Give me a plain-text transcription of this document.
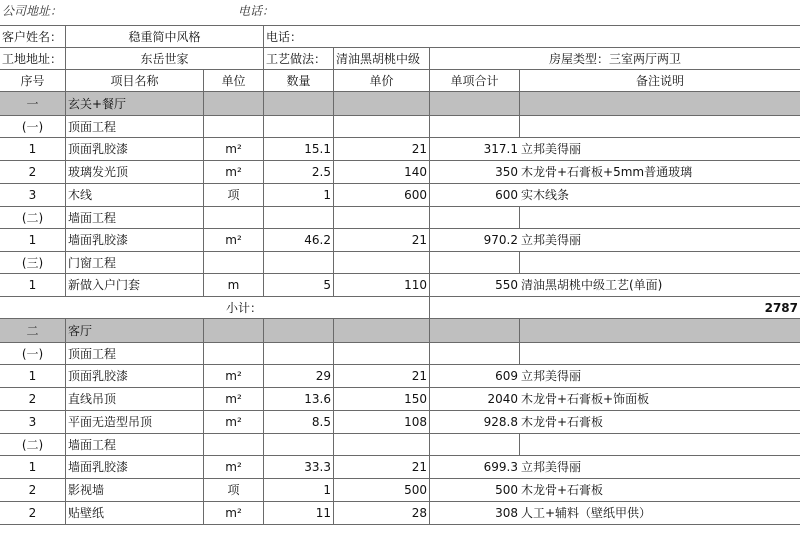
公司地址：	电话：
客户姓名：	稳重简中风格	电话：
工地地址：	东岳世家	工艺做法： 清油黑胡桃中级	房屋类型：三室两厅两卫
序号	项目名称	单位	数量	单价	单项合计	备注说明
一	玄关+餐厅
(一)	顶面工程
1	顶面乳胶漆	m²	15.1	21	317.1 立邦美得丽
2	玻璃发光顶	m²	2.5	140	350 木龙骨+石膏板+5mm普通玻璃
3	木线	项	1	600	600 实木线条
(二)	墙面工程
1	墙面乳胶漆	m²	46.2	21	970.2 立邦美得丽
(三)	门窗工程
1	新做入户门套	m	5	110	550 清油黑胡桃中级工艺(单面)
小计：	2787
二	客厅
(一)	顶面工程
1	顶面乳胶漆	m²	29	21	609 立邦美得丽
2	直线吊顶	m²	13.6	150	2040 木龙骨+石膏板+饰面板
3	平面无造型吊顶	m²	8.5	108	928.8 木龙骨+石膏板
(二)	墙面工程
1	墙面乳胶漆	m²	33.3	21	699.3 立邦美得丽
2	影视墙	项	1	500	500 木龙骨+石膏板
2	贴壁纸	m²	11	28	308 人工+辅料（壁纸甲供）
